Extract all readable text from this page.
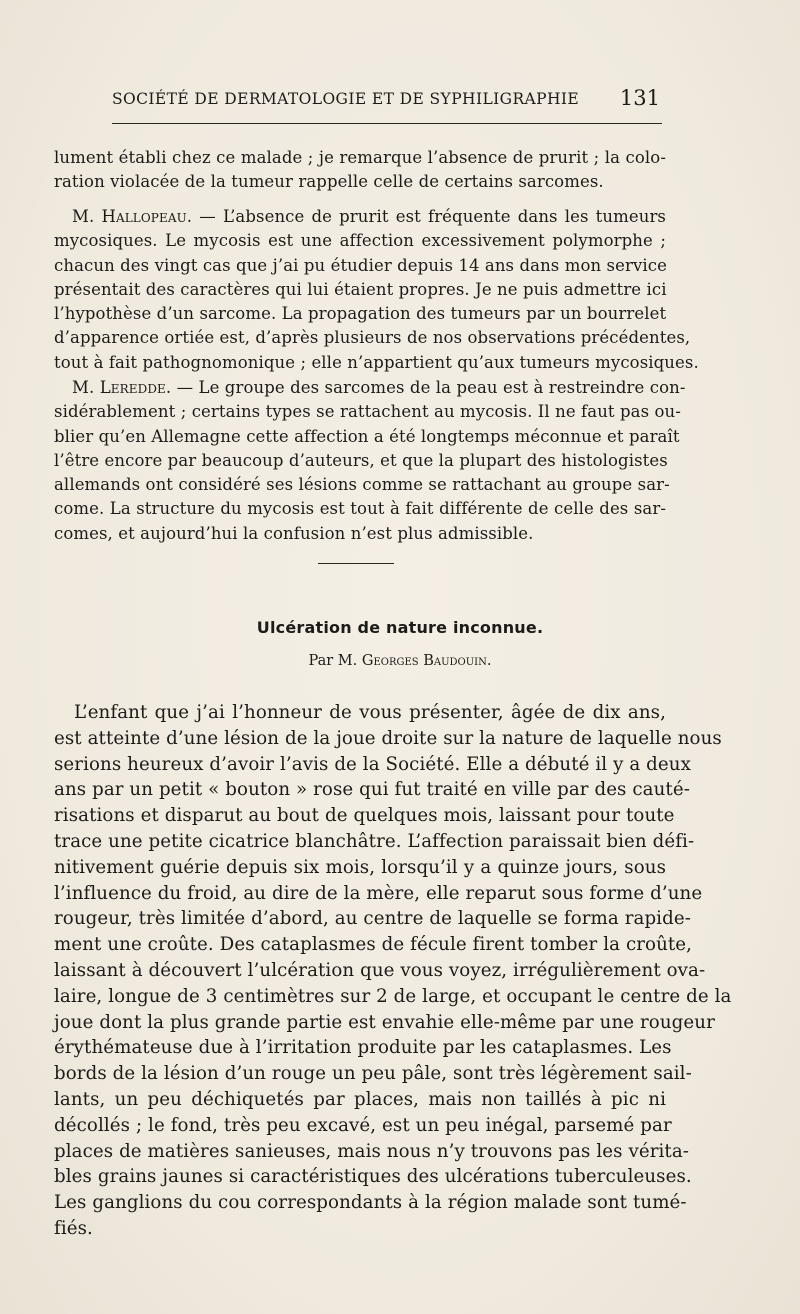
SOCIÉTÉ DE DERMATOLOGIE ET DE SYPHILIGRAPHIE 131
lument établi chez ce malade ; je remarque l’absence de prurit ; la colo-
ration violacée de la tumeur rappelle celle de certains sarcomes.
M. Hallopeau. — L’absence de prurit est fréquente dans les tumeurs
mycosiques. Le mycosis est une affection excessivement polymorphe ;
chacun des vingt cas que j’ai pu étudier depuis 14 ans dans mon service
présentait des caractères qui lui étaient propres. Je ne puis admettre ici
l’hypothèse d’un sarcome. La propagation des tumeurs par un bourrelet
d’apparence ortiée est, d’après plusieurs de nos observations précédentes,
tout à fait pathognomonique ; elle n’appartient qu’aux tumeurs mycosiques.
M. Leredde. — Le groupe des sarcomes de la peau est à restreindre con-
sidérablement ; certains types se rattachent au mycosis. Il ne faut pas ou-
blier qu’en Allemagne cette affection a été longtemps méconnue et paraît
l’être encore par beaucoup d’auteurs, et que la plupart des histologistes
allemands ont considéré ses lésions comme se rattachant au groupe sar-
come. La structure du mycosis est tout à fait différente de celle des sar-
comes, et aujourd’hui la confusion n’est plus admissible.
Ulcération de nature inconnue.
Par M. Georges Baudouin.
L’enfant que j’ai l’honneur de vous présenter, âgée de dix ans,
est atteinte d’une lésion de la joue droite sur la nature de laquelle nous
serions heureux d’avoir l’avis de la Société. Elle a débuté il y a deux
ans par un petit « bouton » rose qui fut traité en ville par des cauté-
risations et disparut au bout de quelques mois, laissant pour toute
trace une petite cicatrice blanchâtre. L’affection paraissait bien défi-
nitivement guérie depuis six mois, lorsqu’il y a quinze jours, sous
l’influence du froid, au dire de la mère, elle reparut sous forme d’une
rougeur, très limitée d’abord, au centre de laquelle se forma rapide-
ment une croûte. Des cataplasmes de fécule firent tomber la croûte,
laissant à découvert l’ulcération que vous voyez, irrégulièrement ova-
laire, longue de 3 centimètres sur 2 de large, et occupant le centre de la
joue dont la plus grande partie est envahie elle-même par une rougeur
érythémateuse due à l’irritation produite par les cataplasmes. Les
bords de la lésion d’un rouge un peu pâle, sont très légèrement sail-
lants, un peu déchiquetés par places, mais non taillés à pic ni
décollés ; le fond, très peu excavé, est un peu inégal, parsemé par
places de matières sanieuses, mais nous n’y trouvons pas les vérita-
bles grains jaunes si caractéristiques des ulcérations tuberculeuses.
Les ganglions du cou correspondants à la région malade sont tumé-
fiés.
